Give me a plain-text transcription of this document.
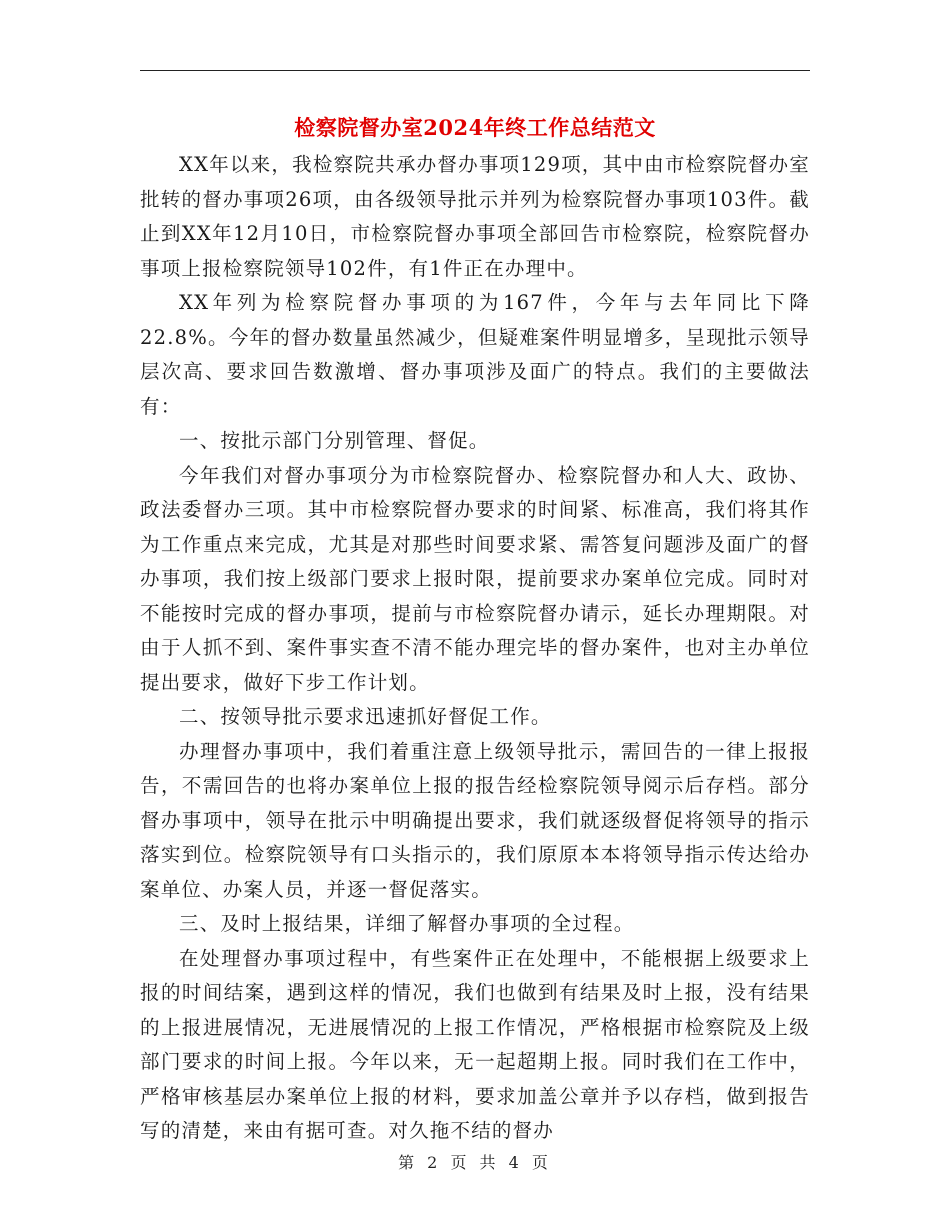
检察院督办室2024年终工作总结范文

XX年以来，我检察院共承办督办事项129项，其中由市检察院督办室批转的督办事项26项，由各级领导批示并列为检察院督办事项103件。截止到XX年12月10日，市检察院督办事项全部回告市检察院，检察院督办事项上报检察院领导102件，有1件正在办理中。

XX年列为检察院督办事项的为167件，今年与去年同比下降22.8%。今年的督办数量虽然减少，但疑难案件明显增多，呈现批示领导层次高、要求回告数激增、督办事项涉及面广的特点。我们的主要做法有：

一、按批示部门分别管理、督促。

今年我们对督办事项分为市检察院督办、检察院督办和人大、政协、政法委督办三项。其中市检察院督办要求的时间紧、标准高，我们将其作为工作重点来完成，尤其是对那些时间要求紧、需答复问题涉及面广的督办事项，我们按上级部门要求上报时限，提前要求办案单位完成。同时对不能按时完成的督办事项，提前与市检察院督办请示，延长办理期限。对由于人抓不到、案件事实查不清不能办理完毕的督办案件，也对主办单位提出要求，做好下步工作计划。

二、按领导批示要求迅速抓好督促工作。

办理督办事项中，我们着重注意上级领导批示，需回告的一律上报报告，不需回告的也将办案单位上报的报告经检察院领导阅示后存档。部分督办事项中，领导在批示中明确提出要求，我们就逐级督促将领导的指示落实到位。检察院领导有口头指示的，我们原原本本将领导指示传达给办案单位、办案人员，并逐一督促落实。

三、及时上报结果，详细了解督办事项的全过程。

在处理督办事项过程中，有些案件正在处理中，不能根据上级要求上报的时间结案，遇到这样的情况，我们也做到有结果及时上报，没有结果的上报进展情况，无进展情况的上报工作情况，严格根据市检察院及上级部门要求的时间上报。今年以来，无一起超期上报。同时我们在工作中，严格审核基层办案单位上报的材料，要求加盖公章并予以存档，做到报告写的清楚，来由有据可查。对久拖不结的督办

第 2 页 共 4 页
